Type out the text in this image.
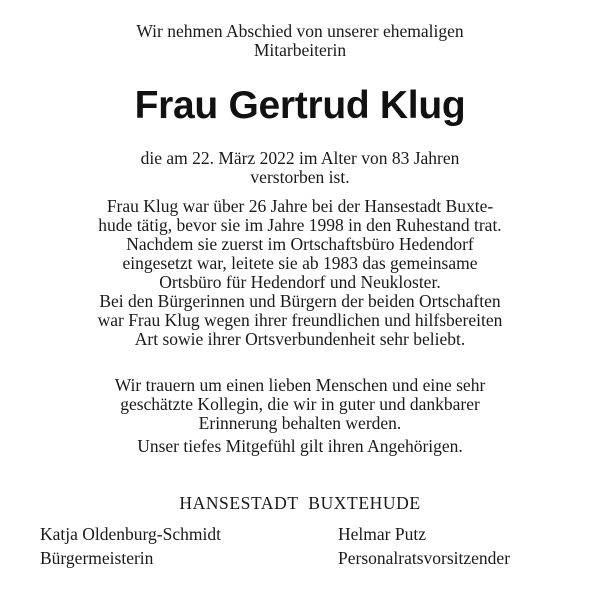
Wir nehmen Abschied von unserer ehemaligen
Mitarbeiterin
Frau Gertrud Klug
die am 22. März 2022 im Alter von 83 Jahren
verstorben ist.
Frau Klug war über 26 Jahre bei der Hansestadt Buxte-
hude tätig, bevor sie im Jahre 1998 in den Ruhestand trat.
Nachdem sie zuerst im Ortschaftsbüro Hedendorf
eingesetzt war, leitete sie ab 1983 das gemeinsame
Ortsbüro für Hedendorf und Neukloster.
Bei den Bürgerinnen und Bürgern der beiden Ortschaften
war Frau Klug wegen ihrer freundlichen und hilfsbereiten
Art sowie ihrer Ortsverbundenheit sehr beliebt.
Wir trauern um einen lieben Menschen und eine sehr
geschätzte Kollegin, die wir in guter und dankbarer
Erinnerung behalten werden.
Unser tiefes Mitgefühl gilt ihren Angehörigen.
HANSESTADT  BUXTEHUDE
Katja Oldenburg-Schmidt
Bürgermeisterin
Helmar Putz
Personalratsvorsitzender
